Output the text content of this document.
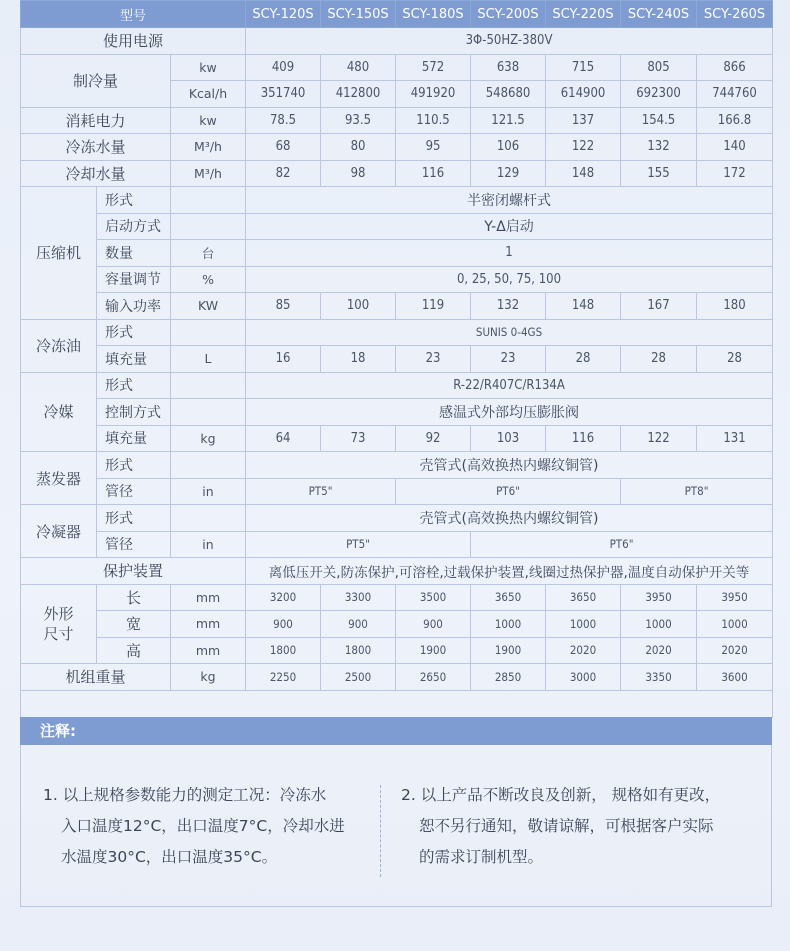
型号			SCY-120S	SCY-150S	SCY-180S	SCY-200S	SCY-220S	SCY-240S	SCY-260S
使用电源			3Φ-50HZ-380V						
制冷量		kw	409	480	572	638	715	805	866
		Kcal/h	351740	412800	491920	548680	614900	692300	744760
消耗电力		kw	78.5	93.5	110.5	121.5	137	154.5	166.8
冷冻水量		M³/h	68	80	95	106	122	132	140
冷却水量		M³/h	82	98	116	129	148	155	172
压缩机	形式		半密闭螺杆式						
	启动方式		Y-Δ启动						
	数量	台	1						
	容量调节	%	0, 25, 50, 75, 100						
	输入功率	KW	85	100	119	132	148	167	180
冷冻油	形式		SUNIS 0-4GS						
	填充量	L	16	18	23	23	28	28	28
冷媒	形式		R-22/R407C/R134A						
	控制方式		感温式外部均压膨胀阀						
	填充量	kg	64	73	92	103	116	122	131
蒸发器	形式		壳管式(高效换热内螺纹铜管)						
	管径	in	PT5"		PT6"			PT8"	
冷凝器	形式		壳管式(高效换热内螺纹铜管)						
	管径	in	PT5"			PT6"			
保护装置			离低压开关,防冻保护,可溶栓,过载保护装置,线圈过热保护器,温度自动保护开关等						
外形
尺寸	长	mm	3200	3300	3500	3650	3650	3950	3950
	宽	mm	900	900	900	1000	1000	1000	1000
	高	mm	1800	1800	1900	1900	2020	2020	2020
机组重量		kg	2250	2500	2650	2850	3000	3350	3600

注释:
1. 以上规格参数能力的测定工况：冷冻水
入口温度12°C，出口温度7°C，冷却水进
水温度30°C，出口温度35°C。
2. 以上产品不断改良及创新， 规格如有更改，
恕不另行通知，敬请谅解，可根据客户实际
的需求订制机型。
